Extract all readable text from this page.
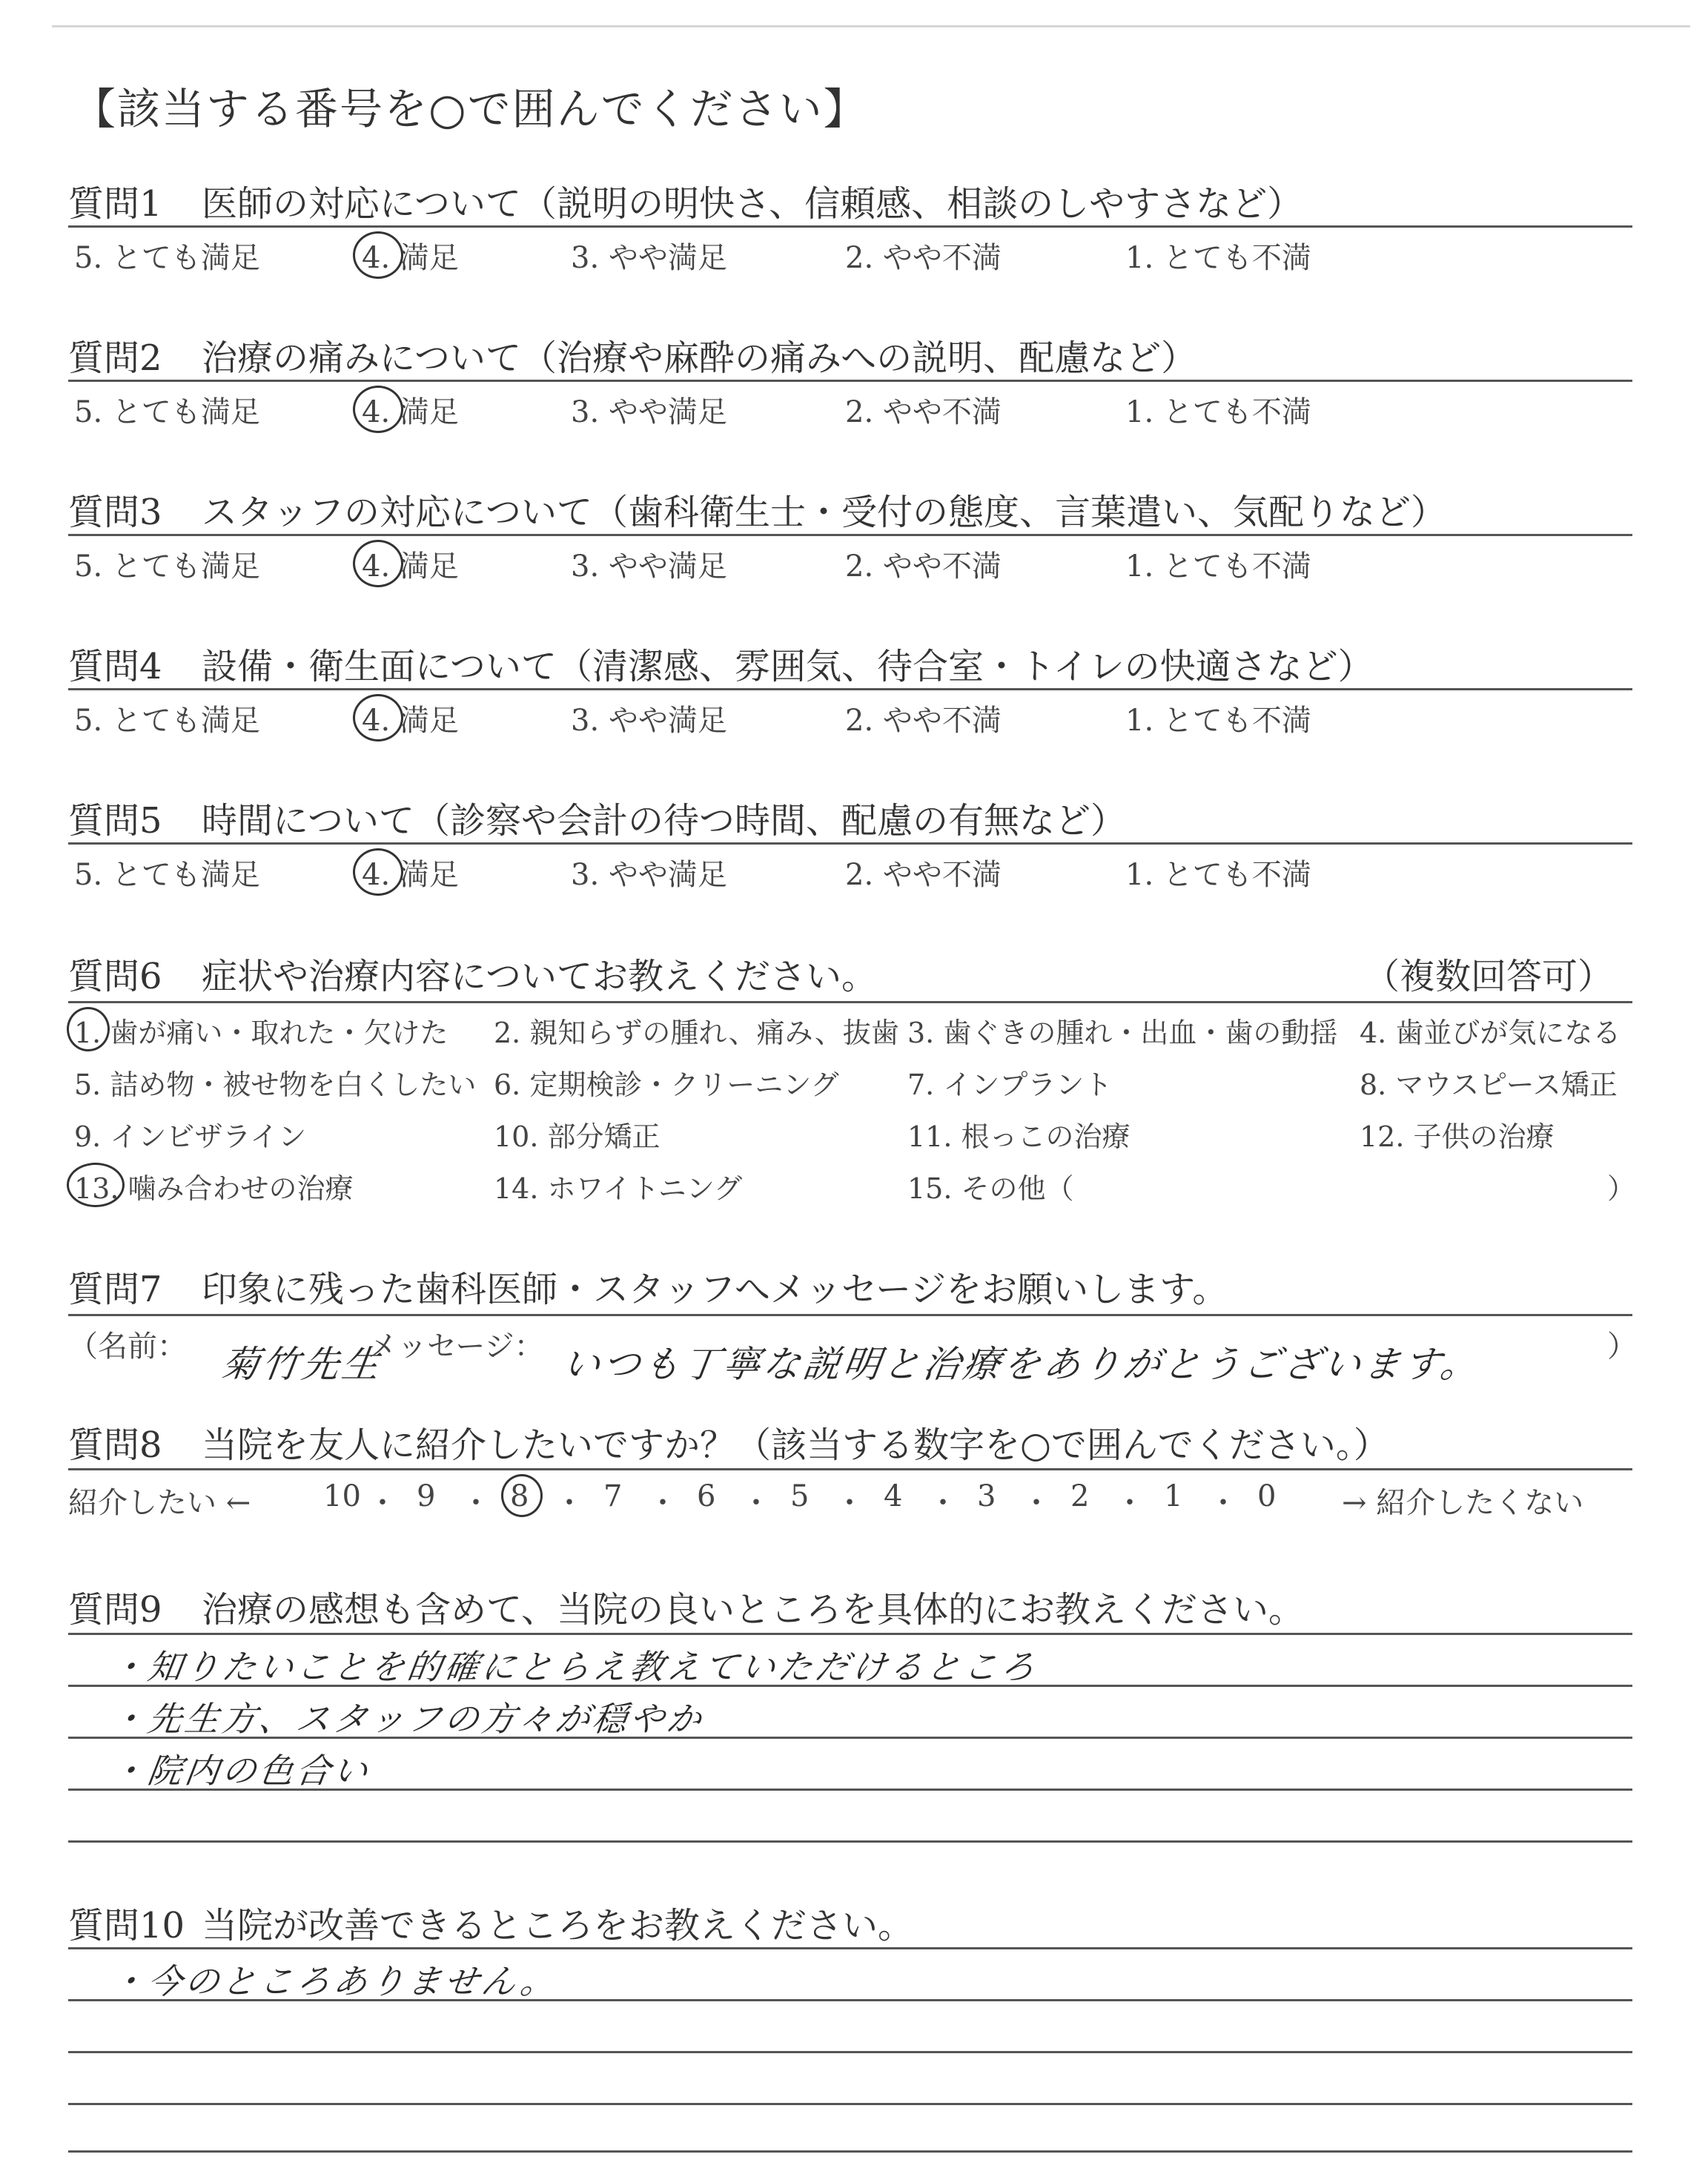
【該当する番号を○で囲んでください】
質問1 医師の対応について（説明の明快さ、信頼感、相談のしやすさなど）
5. とても満足	4. 満足	3. やや満足	2. やや不満	1. とても不満
質問2 治療の痛みについて（治療や麻酔の痛みへの説明、配慮など）
5. とても満足	4. 満足	3. やや満足	2. やや不満	1. とても不満
質問3 スタッフの対応について（歯科衛生士・受付の態度、言葉遣い、気配りなど）
5. とても満足	4. 満足	3. やや満足	2. やや不満	1. とても不満
質問4 設備・衛生面について（清潔感、雰囲気、待合室・トイレの快適さなど）
5. とても満足	4. 満足	3. やや満足	2. やや不満	1. とても不満
質問5 時間について（診察や会計の待つ時間、配慮の有無など）
5. とても満足	4. 満足	3. やや満足	2. やや不満	1. とても不満
質問6 症状や治療内容についてお教えください。	（複数回答可）
1. 歯が痛い・取れた・欠けた 2. 親知らずの腫れ、痛み、抜歯 3. 歯ぐきの腫れ・出血・歯の動揺 4. 歯並びが気になる
5. 詰め物・被せ物を白くしたい 6. 定期検診・クリーニング 7. インプラント	8. マウスピース矯正
9. インビザライン	10. 部分矯正	11. 根っこの治療	12. 子供の治療
13. 噛み合わせの治療	14. ホワイトニング	15. その他（	）
質問7 印象に残った歯科医師・スタッフへメッセージをお願いします。
（名前： 菊竹先生
メッセージ： いつも丁寧な説明と治療をありがとうございます。	）
質問8 当院を友人に紹介したいですか？（該当する数字を○で囲んでください。）
紹介したい ← 10 ・ 9 ・ 8 ・ 7 ・ 6 ・ 5 ・ 4 ・ 3 ・ 2 ・ 1 ・ 0 → 紹介したくない
質問9 治療の感想も含めて、当院の良いところを具体的にお教えください。
・知りたいことを的確にとらえ教えていただけるところ
・先生方、スタッフの方々が穏やか
・院内の色合い
質問10 当院が改善できるところをお教えください。
・今のところありません。
